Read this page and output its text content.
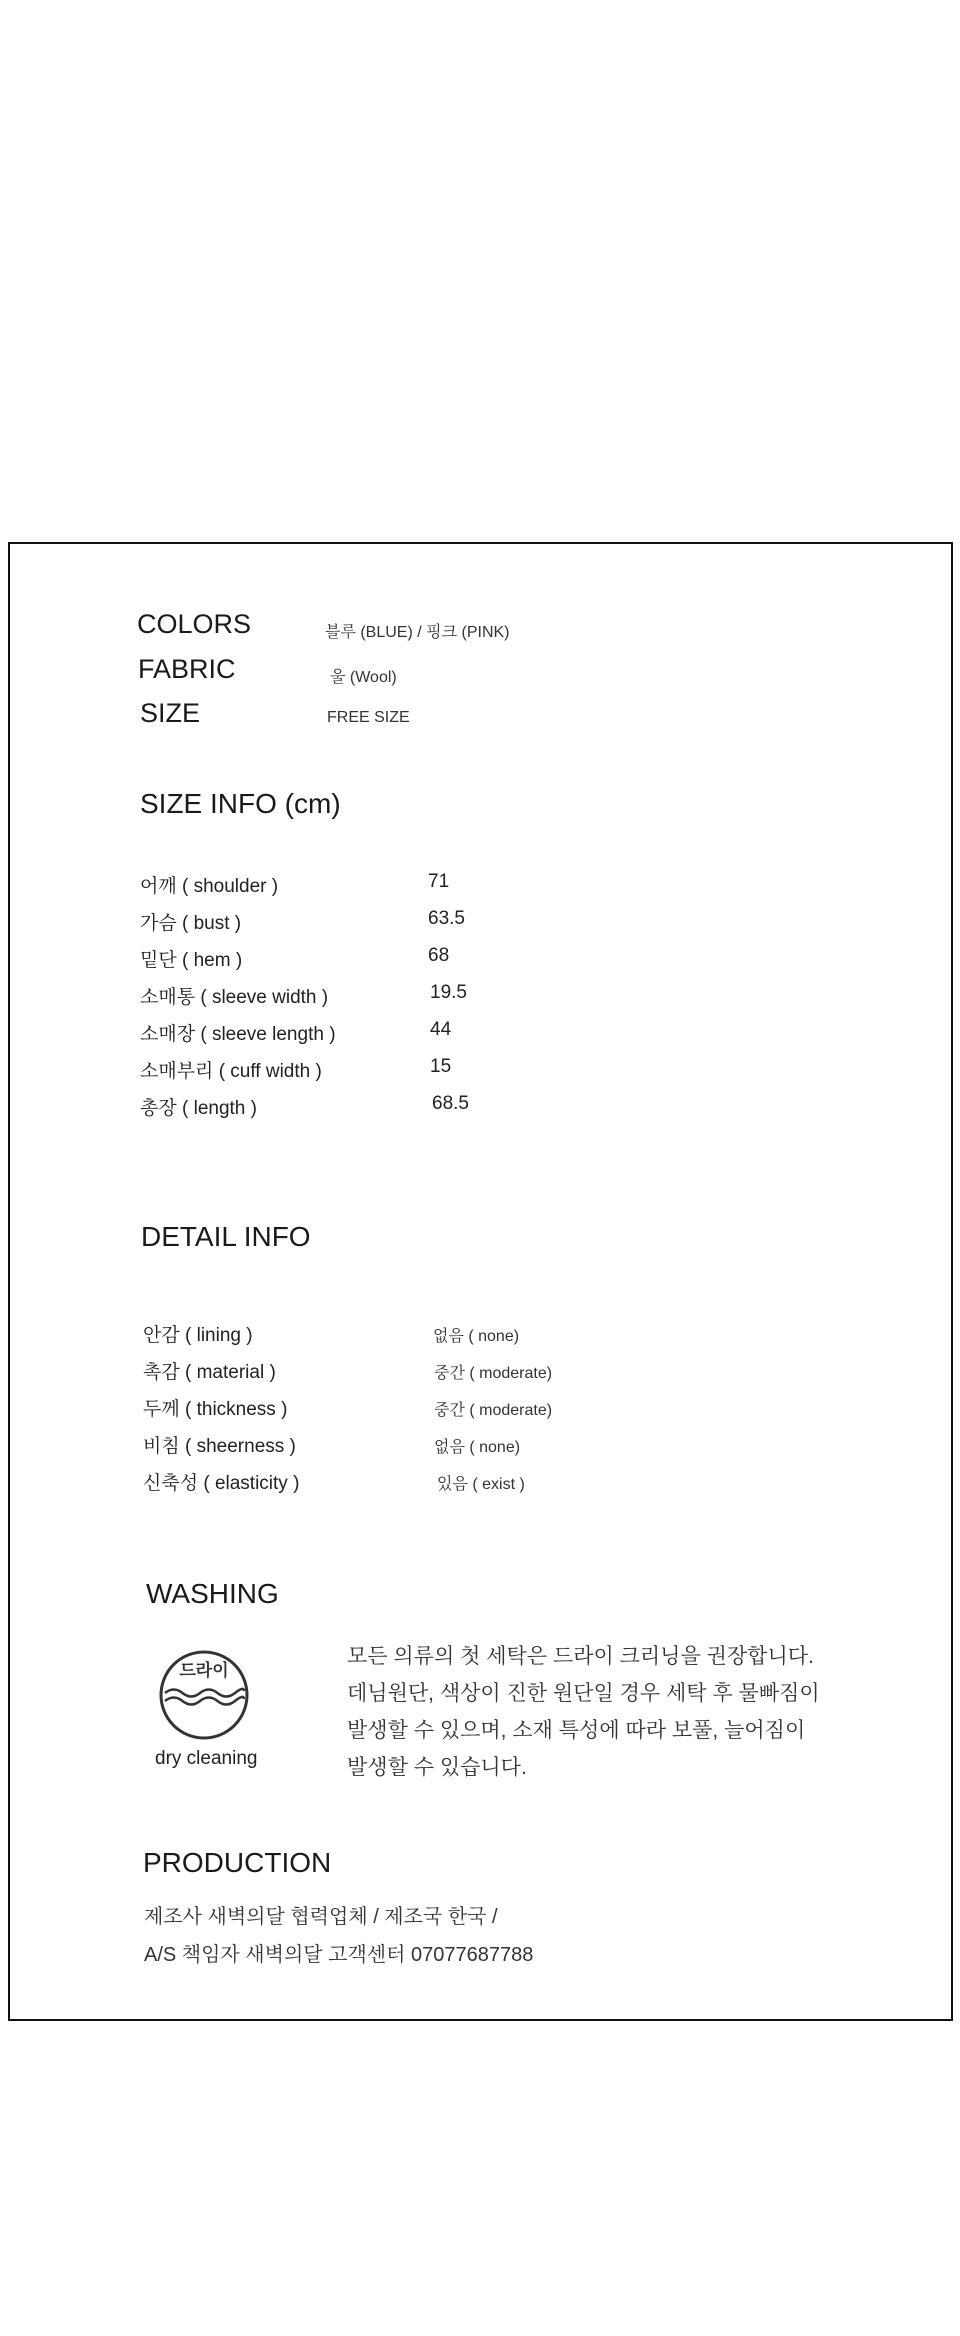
COLORS	블루 (BLUE) / 핑크 (PINK)
FABRIC	울 (Wool)
SIZE	FREE SIZE
SIZE INFO (cm)
어깨 ( shoulder )	71
가슴 ( bust )	63.5
밑단 ( hem )	68
소매통 ( sleeve width )	19.5
소매장 ( sleeve length )	44
소매부리 ( cuff width )	15
총장 ( length )	68.5
DETAIL INFO
안감 ( lining )	없음 ( none)
촉감 ( material )	중간 ( moderate)
두께 ( thickness )	중간 ( moderate)
비침 ( sheerness )	없음 ( none)
신축성 ( elasticity )	있음 ( exist )
WASHING
드라이
dry cleaning
모든 의류의 첫 세탁은 드라이 크리닝을 권장합니다.
데님원단, 색상이 진한 원단일 경우 세탁 후 물빠짐이
발생할 수 있으며, 소재 특성에 따라 보풀, 늘어짐이
발생할 수 있습니다.
PRODUCTION
제조사 새벽의달 협력업체 / 제조국 한국 /
A/S 책임자 새벽의달 고객센터 07077687788
